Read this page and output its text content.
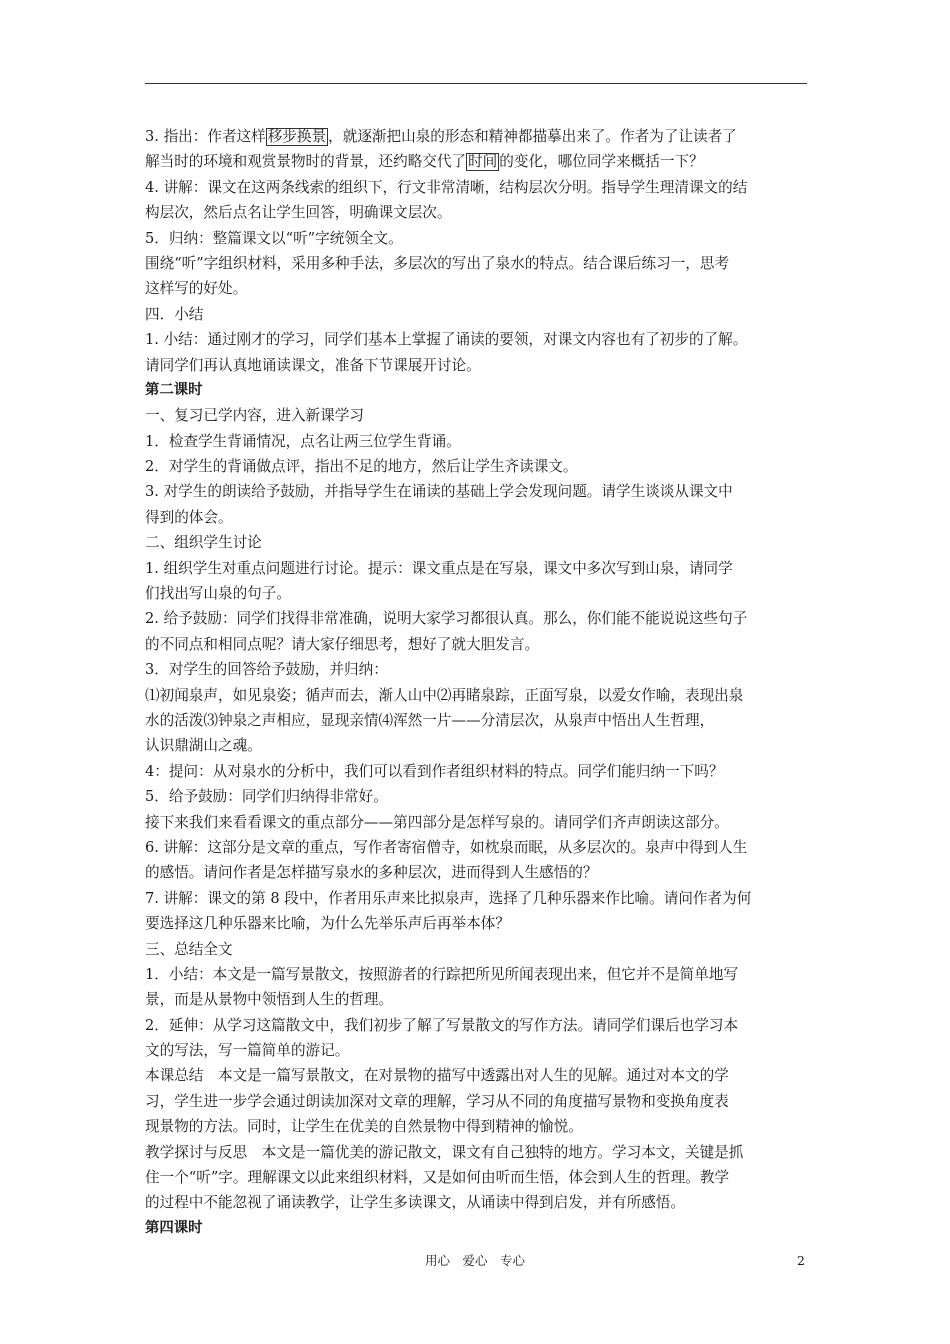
3. 指出：作者这样 移步换景 ，就逐渐把山泉的形态和精神都描摹出来了。作者为了让读者了
解当时的环境和观赏景物时的背景，还约略交代了 时间 的变化，哪位同学来概括一下？
4. 讲解：课文在这两条线索的组织下，行文非常清晰，结构层次分明。指导学生理清课文的结
构层次，然后点名让学生回答，明确课文层次。
5．归纳：整篇课文以“听”字统领全文。
围绕“听”字组织材料，采用多种手法，多层次的写出了泉水的特点。结合课后练习一，思考
这样写的好处。
四．小结
1. 小结：通过刚才的学习，同学们基本上掌握了诵读的要领，对课文内容也有了初步的了解。
请同学们再认真地诵读课文，准备下节课展开讨论。
第二课时
一、复习已学内容，进入新课学习
1．检查学生背诵情况，点名让两三位学生背诵。
2．对学生的背诵做点评，指出不足的地方，然后让学生齐读课文。
3. 对学生的朗读给予鼓励，并指导学生在诵读的基础上学会发现问题。请学生谈谈从课文中
得到的体会。
二、组织学生讨论
1. 组织学生对重点问题进行讨论。提示：课文重点是在写泉，课文中多次写到山泉，请同学
们找出写山泉的句子。
2. 给予鼓励：同学们找得非常准确，说明大家学习都很认真。那么，你们能不能说说这些句子
的不同点和相同点呢？请大家仔细思考，想好了就大胆发言。
3．对学生的回答给予鼓励，并归纳：
⑴初闻泉声，如见泉姿；循声而去，渐人山中⑵再睹泉踪，正面写泉，以爱女作喻，表现出泉
水的活泼⑶钟泉之声相应，显现亲情⑷浑然一片——分清层次，从泉声中悟出人生哲理，
认识鼎湖山之魂。
4：提问：从对泉水的分析中，我们可以看到作者组织材料的特点。同学们能归纳一下吗？
5．给予鼓励：同学们归纳得非常好。
接下来我们来看看课文的重点部分——第四部分是怎样写泉的。请同学们齐声朗读这部分。
6. 讲解：这部分是文章的重点，写作者寄宿僧寺，如枕泉而眠，从多层次的。泉声中得到人生
的感悟。请问作者是怎样描写泉水的多种层次，进而得到人生感悟的？
7. 讲解：课文的第 8 段中，作者用乐声来比拟泉声，选择了几种乐器来作比喻。请问作者为何
要选择这几种乐器来比喻，为什么先举乐声后再举本体？
三、总结全文
1．小结：本文是一篇写景散文，按照游者的行踪把所见所闻表现出来，但它并不是简单地写
景，而是从景物中领悟到人生的哲理。
2．延伸：从学习这篇散文中，我们初步了解了写景散文的写作方法。请同学们课后也学习本
文的写法，写一篇简单的游记。
本课总结　本文是一篇写景散文，在对景物的描写中透露出对人生的见解。通过对本文的学
习，学生进一步学会通过朗读加深对文章的理解，学习从不同的角度描写景物和变换角度表
现景物的方法。同时，让学生在优美的自然景物中得到精神的愉悦。
教学探讨与反思　本文是一篇优美的游记散文，课文有自己独特的地方。学习本文，关键是抓
住一个“听”字。理解课文以此来组织材料，又是如何由听而生悟，体会到人生的哲理。教学
的过程中不能忽视了诵读教学，让学生多读课文，从诵读中得到启发，并有所感悟。
第四课时
用心　爱心　专心	2
